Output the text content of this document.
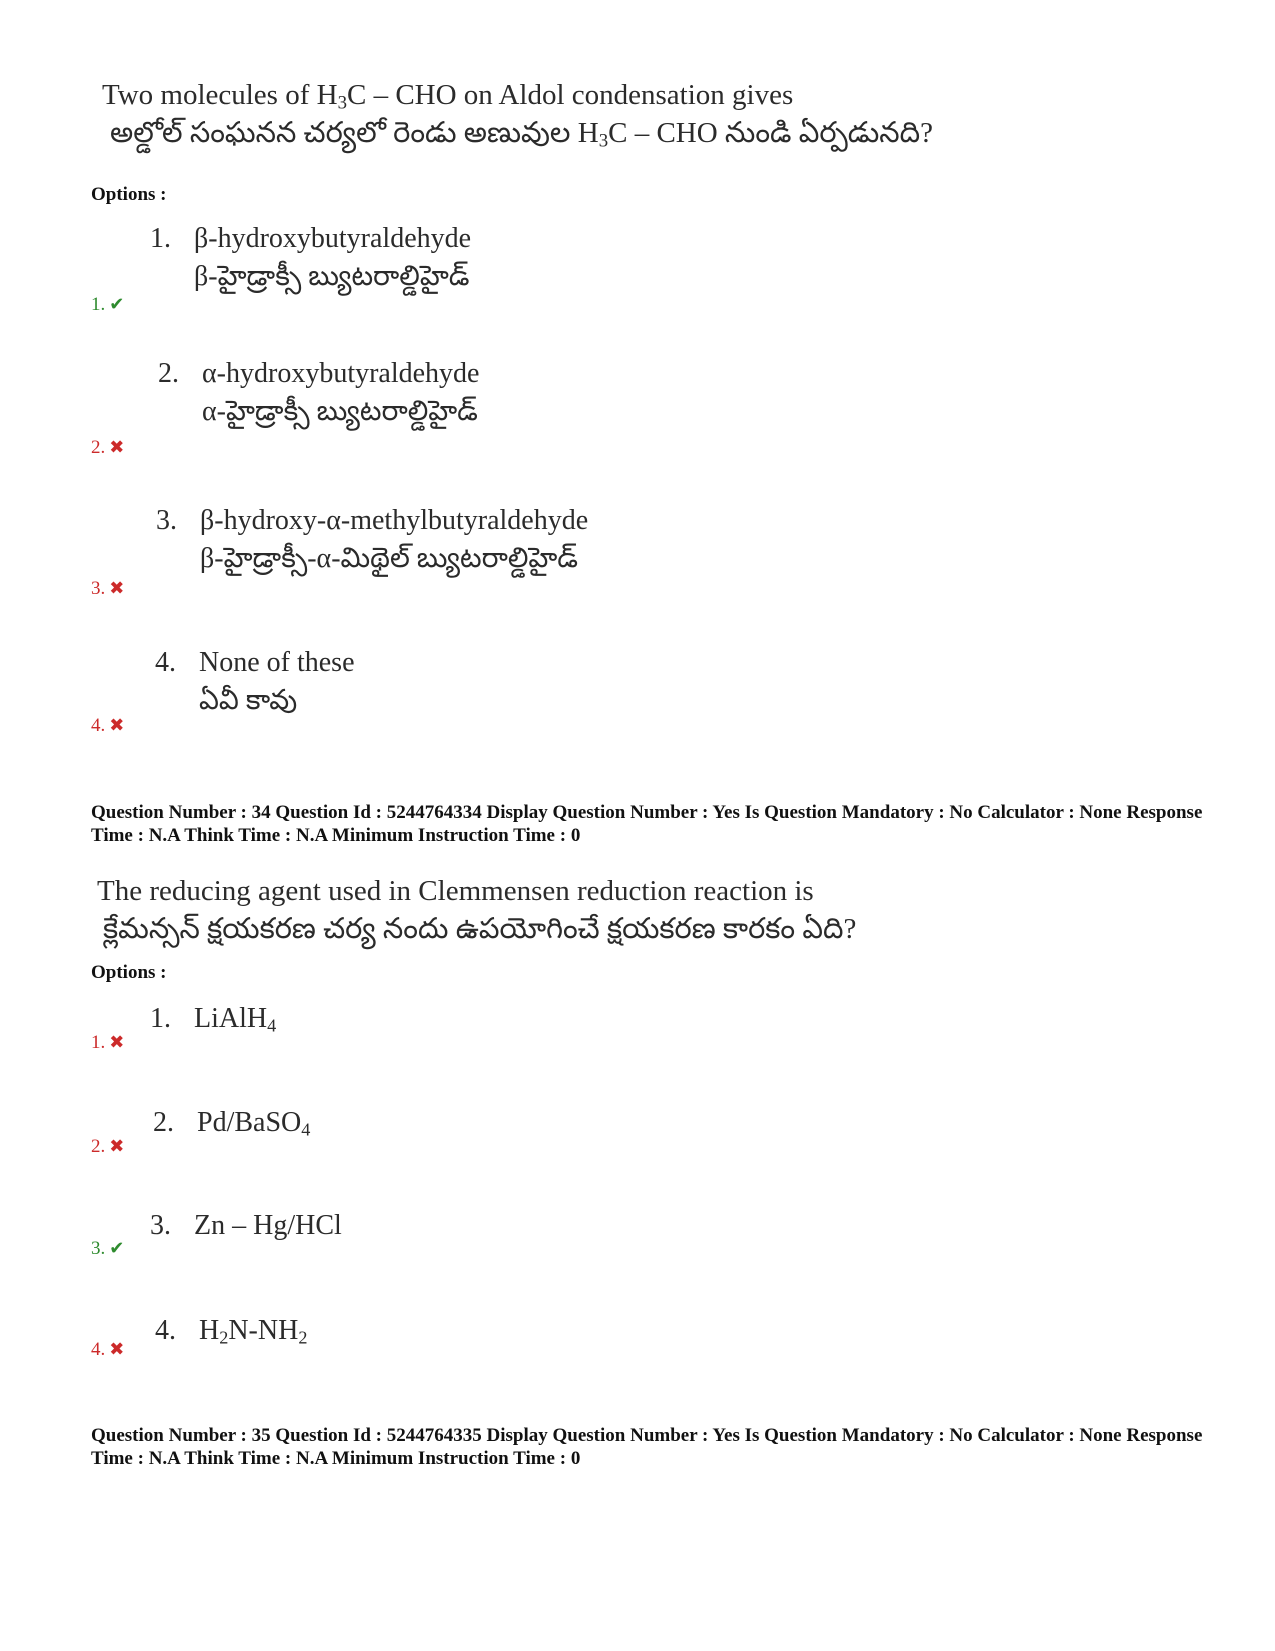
Two molecules of $H_3C$ – CHO on Aldol condensation gives
అల్డోల్ సంఘనన చర్యలో రెండు అణువుల $H_3C$ – CHO నుండి ఏర్పడునది?
Options :
1. β-hydroxybutyraldehyde
β-హైడ్రాక్సీ బ్యుటరాల్డిహైడ్
1. ✔
2. α-hydroxybutyraldehyde
α-హైడ్రాక్సీ బ్యుటరాల్డిహైడ్
2. ✖
3. β-hydroxy-α-methylbutyraldehyde
β-హైడ్రాక్సీ-α-మిథైల్ బ్యుటరాల్డిహైడ్
3. ✖
4. None of these
ఏవీ కావు
4. ✖
Question Number : 34 Question Id : 5244764334 Display Question Number : Yes Is Question Mandatory : No Calculator : None Response Time : N.A Think Time : N.A Minimum Instruction Time : 0
The reducing agent used in Clemmensen reduction reaction is
క్లేమన్సన్ క్షయకరణ చర్య నందు ఉపయోగించే క్షయకరణ కారకం ఏది?
Options :
1. LiAlH$_4$
1. ✖
2. Pd/BaSO$_4$
2. ✖
3. Zn – Hg/HCl
3. ✔
4. $H_2N-NH_2$
4. ✖
Question Number : 35 Question Id : 5244764335 Display Question Number : Yes Is Question Mandatory : No Calculator : None Response Time : N.A Think Time : N.A Minimum Instruction Time : 0
